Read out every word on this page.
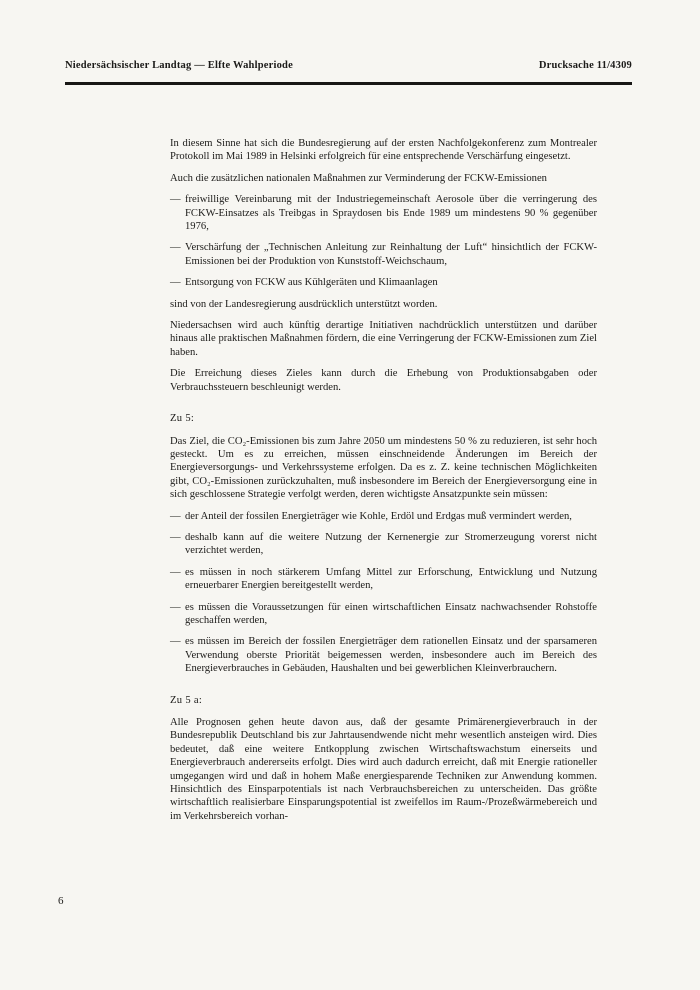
Niedersächsischer Landtag — Elfte Wahlperiode	Drucksache 11/4309

In diesem Sinne hat sich die Bundesregierung auf der ersten Nachfolgekonferenz zum Montrealer Protokoll im Mai 1989 in Helsinki erfolgreich für eine entsprechende Verschärfung eingesetzt.

Auch die zusätzlichen nationalen Maßnahmen zur Verminderung der FCKW-Emissionen

— freiwillige Vereinbarung mit der Industriegemeinschaft Aerosole über die verringerung des FCKW-Einsatzes als Treibgas in Spraydosen bis Ende 1989 um mindestens 90 % gegenüber 1976,

— Verschärfung der „Technischen Anleitung zur Reinhaltung der Luft“ hinsichtlich der FCKW-Emissionen bei der Produktion von Kunststoff-Weichschaum,

— Entsorgung von FCKW aus Kühlgeräten und Klimaanlagen

sind von der Landesregierung ausdrücklich unterstützt worden.

Niedersachsen wird auch künftig derartige Initiativen nachdrücklich unterstützen und darüber hinaus alle praktischen Maßnahmen fördern, die eine Verringerung der FCKW-Emissionen zum Ziel haben.

Die Erreichung dieses Zieles kann durch die Erhebung von Produktionsabgaben oder Verbrauchssteuern beschleunigt werden.

Zu 5:

Das Ziel, die CO₂-Emissionen bis zum Jahre 2050 um mindestens 50 % zu reduzieren, ist sehr hoch gesteckt. Um es zu erreichen, müssen einschneidende Änderungen im Bereich der Energieversorgungs- und Verkehrssysteme erfolgen. Da es z. Z. keine technischen Möglichkeiten gibt, CO₂-Emissionen zurückzuhalten, muß insbesondere im Bereich der Energieversorgung eine in sich geschlossene Strategie verfolgt werden, deren wichtigste Ansatzpunkte sein müssen:

— der Anteil der fossilen Energieträger wie Kohle, Erdöl und Erdgas muß vermindert werden,

— deshalb kann auf die weitere Nutzung der Kernenergie zur Stromerzeugung vorerst nicht verzichtet werden,

— es müssen in noch stärkerem Umfang Mittel zur Erforschung, Entwicklung und Nutzung erneuerbarer Energien bereitgestellt werden,

— es müssen die Voraussetzungen für einen wirtschaftlichen Einsatz nachwachsender Rohstoffe geschaffen werden,

— es müssen im Bereich der fossilen Energieträger dem rationellen Einsatz und der sparsameren Verwendung oberste Priorität beigemessen werden, insbesondere auch im Bereich des Energieverbrauches in Gebäuden, Haushalten und bei gewerblichen Kleinverbrauchern.

Zu 5 a:

Alle Prognosen gehen heute davon aus, daß der gesamte Primärenergieverbrauch in der Bundesrepublik Deutschland bis zur Jahrtausendwende nicht mehr wesentlich ansteigen wird. Dies bedeutet, daß eine weitere Entkopplung zwischen Wirtschaftswachstum einerseits und Energieverbrauch andererseits erfolgt. Dies wird auch dadurch erreicht, daß mit Energie rationeller umgegangen wird und daß in hohem Maße energiesparende Techniken zur Anwendung kommen. Hinsichtlich des Einsparpotentials ist nach Verbrauchsbereichen zu unterscheiden. Das größte wirtschaftlich realisierbare Einsparungspotential ist zweifellos im Raum-/Prozeßwärmebereich und im Verkehrsbereich vorhan-

6
